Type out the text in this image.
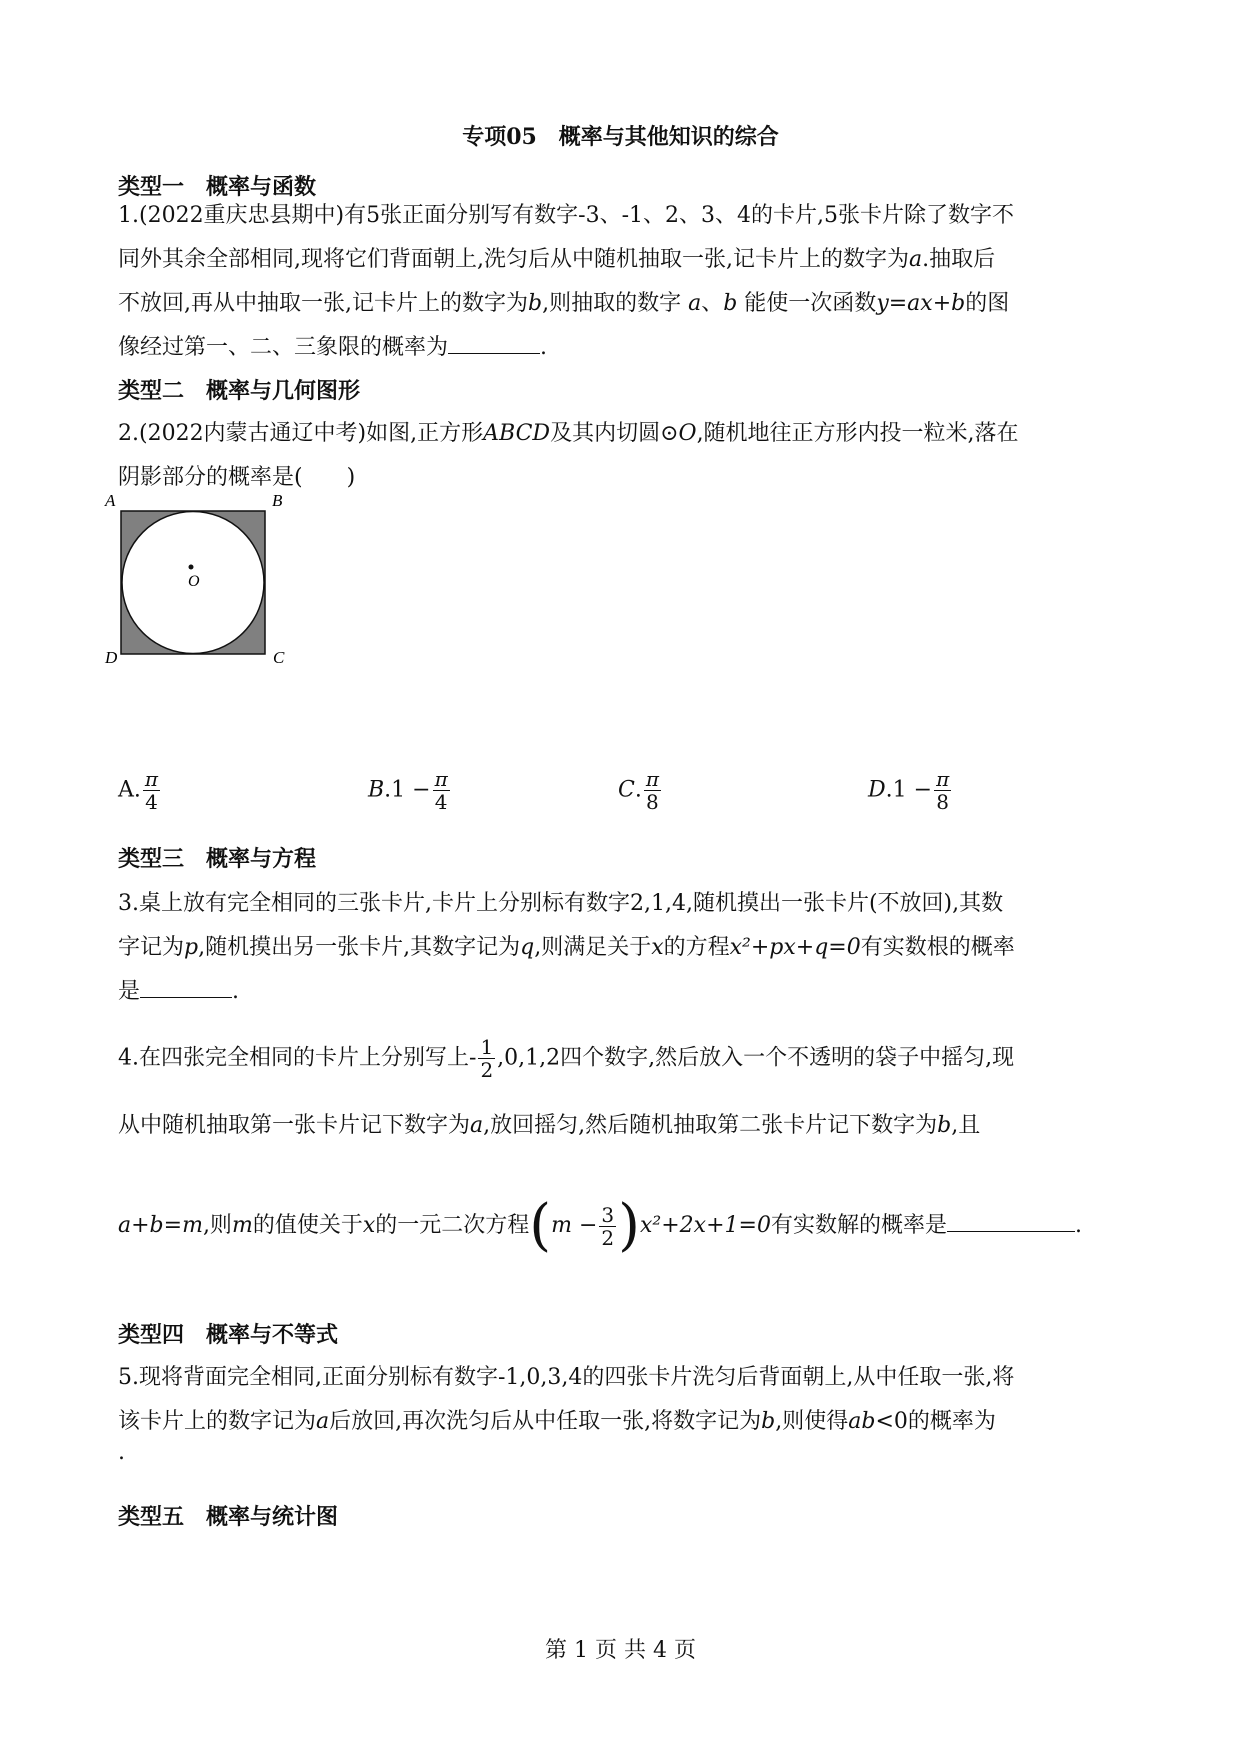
专项05　概率与其他知识的综合
类型一　概率与函数
1.(2022重庆忠县期中)有5张正面分别写有数字-3、-1、2、3、4的卡片,5张卡片除了数字不
同外其余全部相同,现将它们背面朝上,洗匀后从中随机抽取一张,记卡片上的数字为a.抽取后
不放回,再从中抽取一张,记卡片上的数字为b,则抽取的数字 a、b 能使一次函数y=ax+b的图
像经过第一、二、三象限的概率为	.
类型二　概率与几何图形
2.(2022内蒙古通辽中考)如图,正方形ABCD及其内切圆⊙O,随机地往正方形内投一粒米,落在
阴影部分的概率是(　　)
A	B
D	C
O
A. $\frac{\pi}{4}$	$B.1 - \frac{\pi}{4}$	C. $\frac{\pi}{8}$	$D.1 - \frac{\pi}{8}$
类型三　概率与方程
3.桌上放有完全相同的三张卡片,卡片上分别标有数字2,1,4,随机摸出一张卡片(不放回),其数
字记为p,随机摸出另一张卡片,其数字记为q,则满足关于x的方程x²+px+q=0有实数根的概率
是	.
4.在四张完全相同的卡片上分别写上- $\frac{1}{2} ,0,1,2$四个数字,然后放入一个不透明的袋子中摇匀,现
从中随机抽取第一张卡片记下数字为a,放回摇匀,然后随机抽取第二张卡片记下数字为b,且
a+b=m,则m的值使关于x的一元二次方程$(m - \frac{3}{2} )x^2+2x+1=0$有实数解的概率是	.
类型四　概率与不等式
5.现将背面完全相同,正面分别标有数字-1,0,3,4的四张卡片洗匀后背面朝上,从中任取一张,将
该卡片上的数字记为a后放回,再次洗匀后从中任取一张,将数字记为b,则使得ab<0的概率为
.
类型五　概率与统计图
第 1 页 共 4 页
